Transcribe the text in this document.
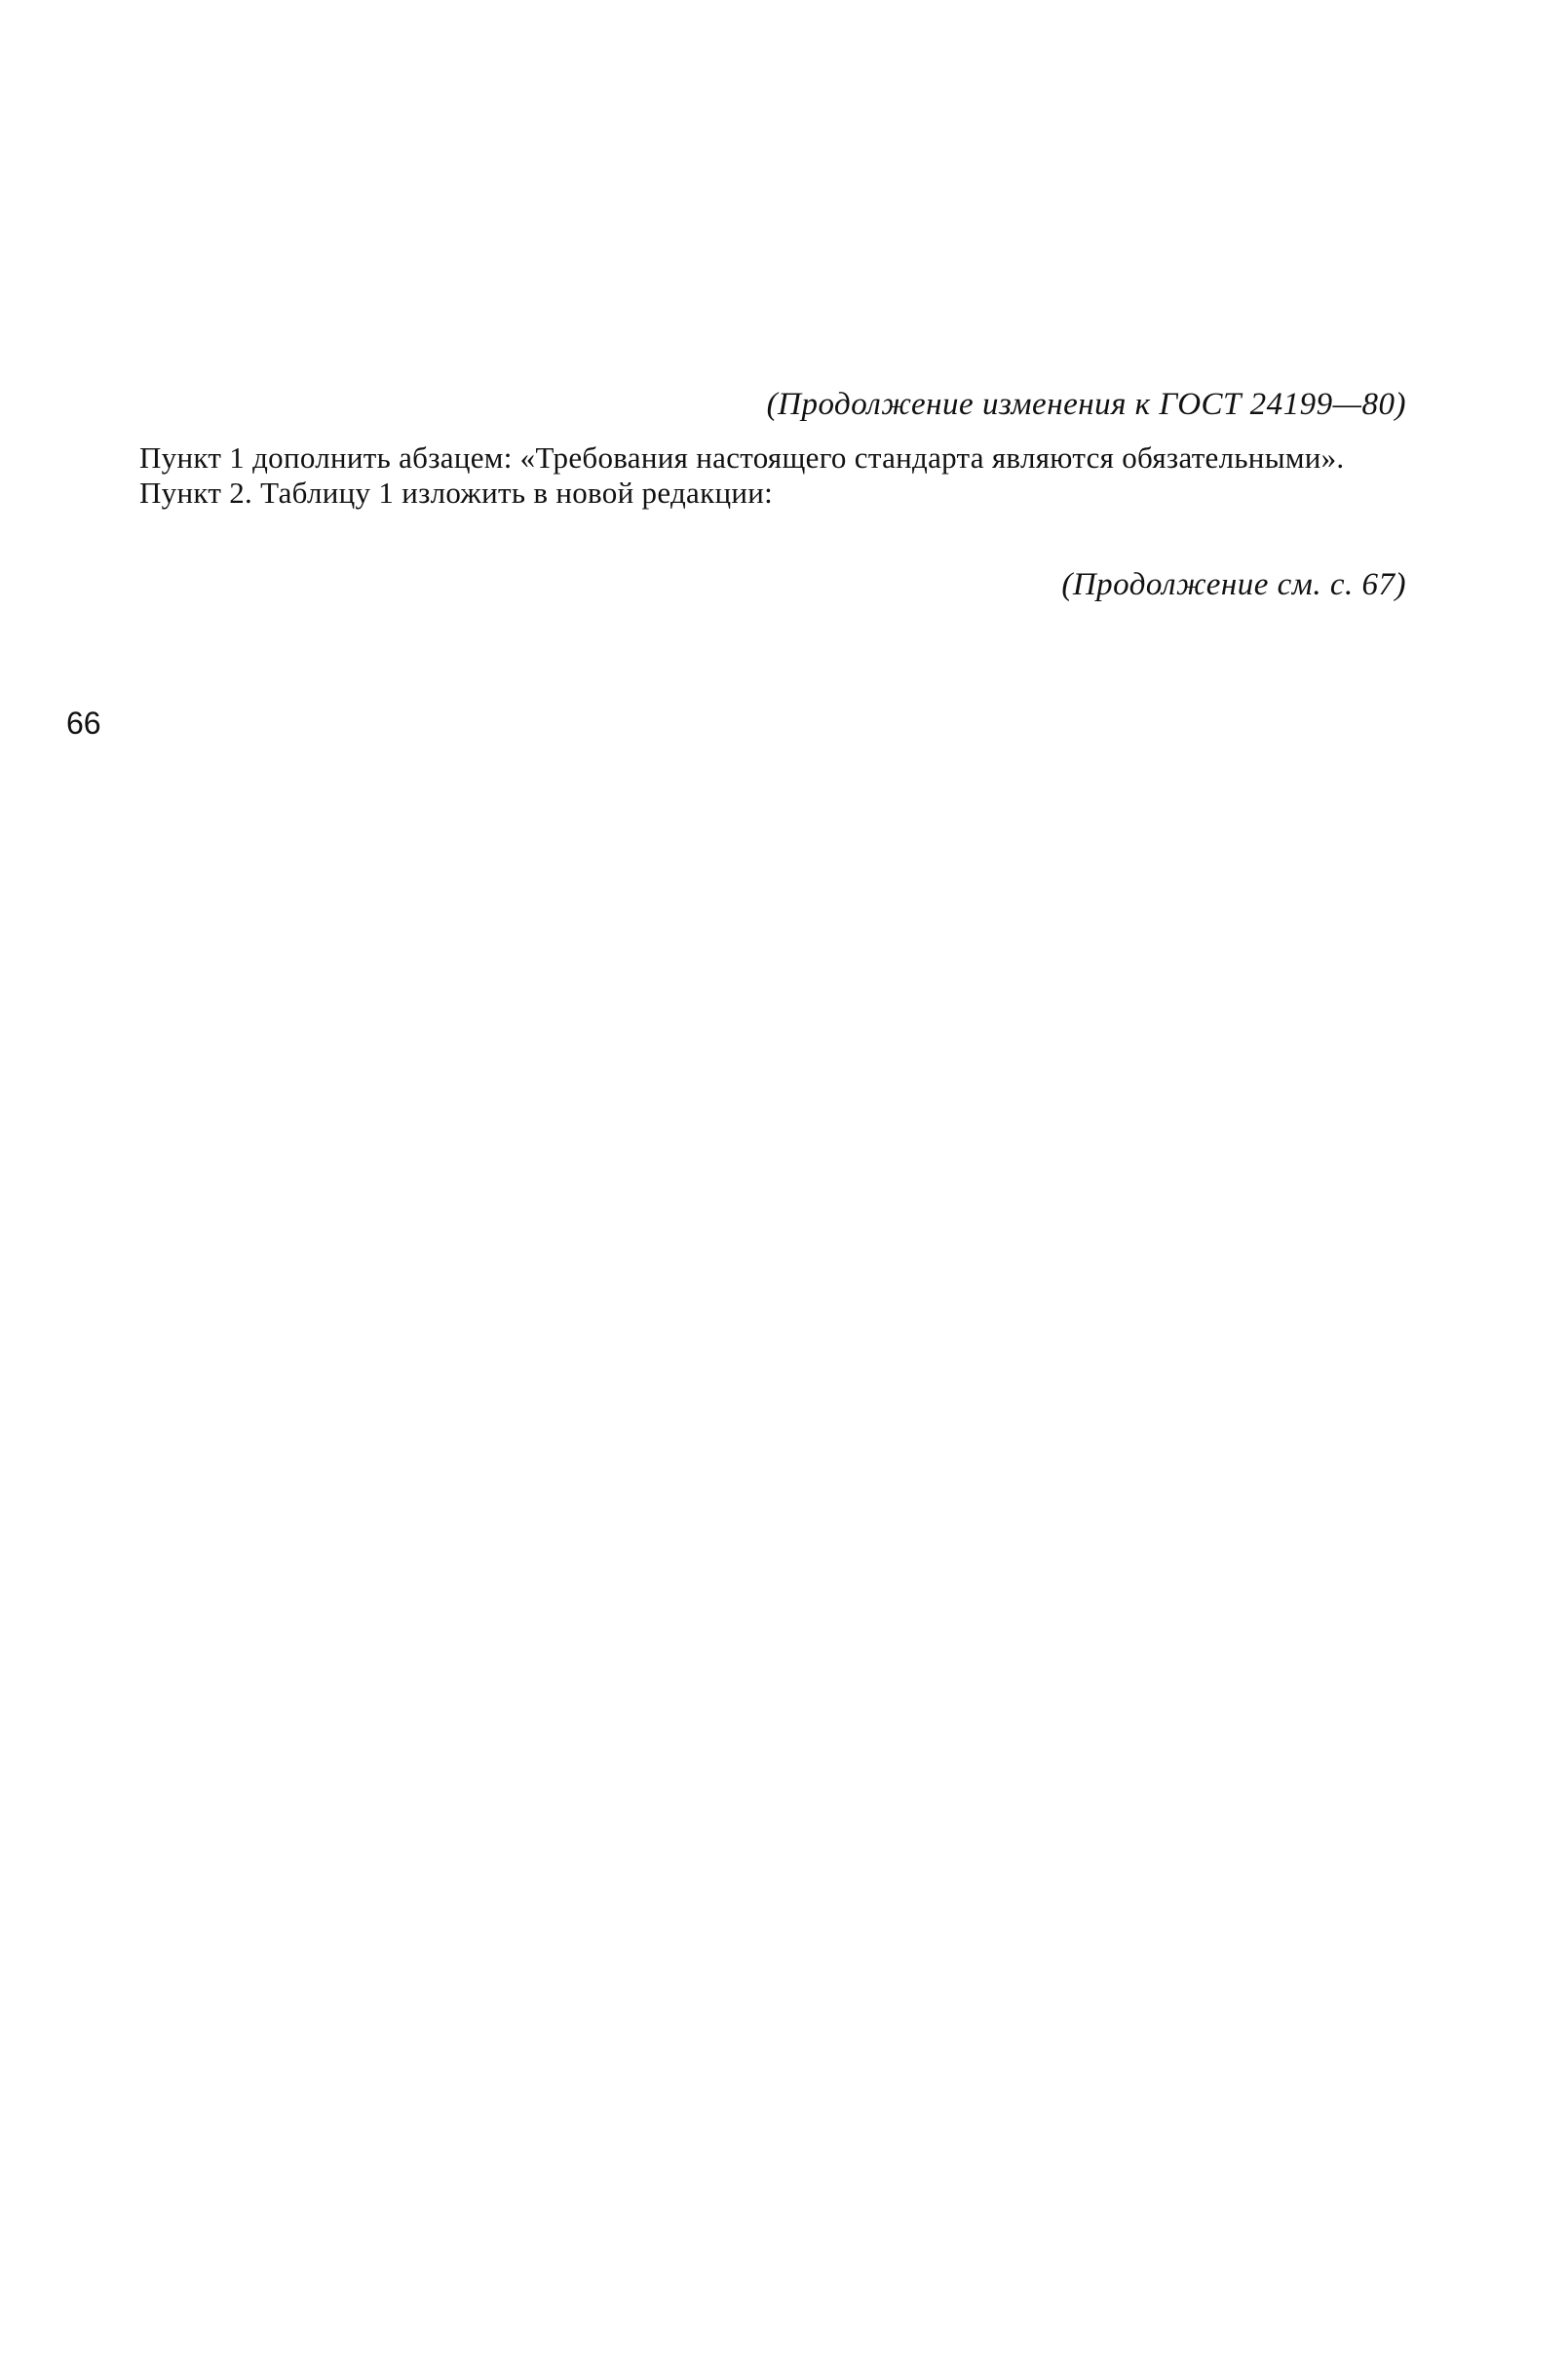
(Продолжение изменения к ГОСТ 24199—80)

Пункт 1 дополнить абзацем: «Требования настоящего стандарта являются обязательными».

Пункт 2. Таблицу 1 изложить в новой редакции:

(Продолжение см. с. 67)
66
